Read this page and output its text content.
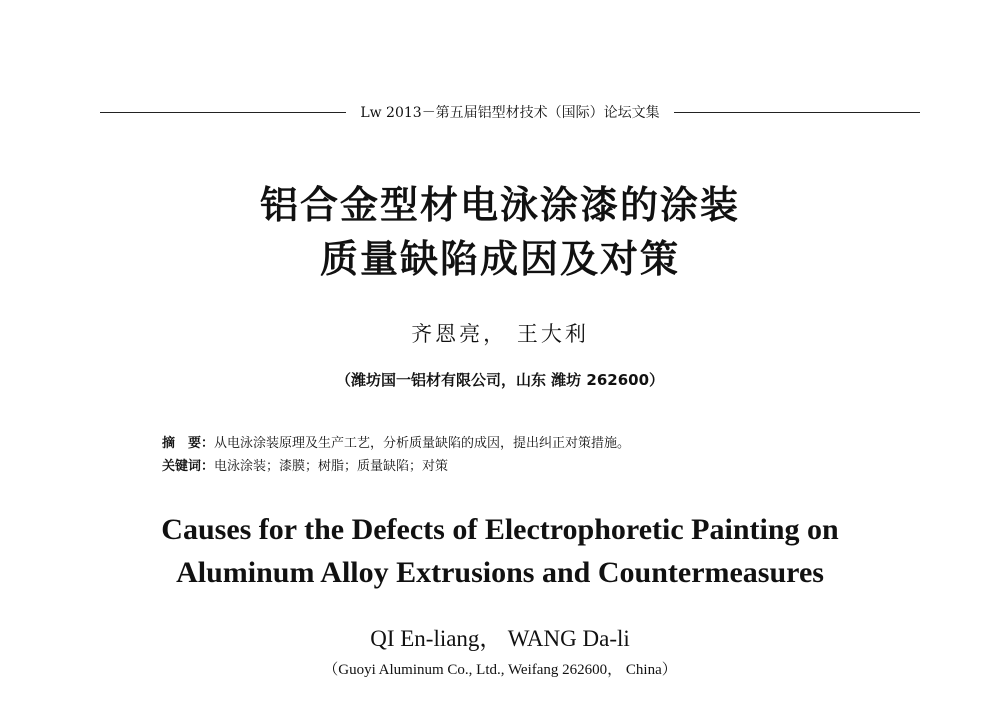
Lw 2013－第五届铝型材技术（国际）论坛文集
铝合金型材电泳涂漆的涂装
质量缺陷成因及对策
齐恩亮， 王大利
（潍坊国一铝材有限公司，山东 潍坊 262600）
摘　要：从电泳涂装原理及生产工艺，分析质量缺陷的成因，提出纠正对策措施。
关键词：电泳涂装；漆膜；树脂；质量缺陷；对策
Causes for the Defects of Electrophoretic Painting on
Aluminum Alloy Extrusions and Countermeasures
QI En-liang， WANG Da-li
（Guoyi Aluminum Co., Ltd., Weifang 262600， China）
